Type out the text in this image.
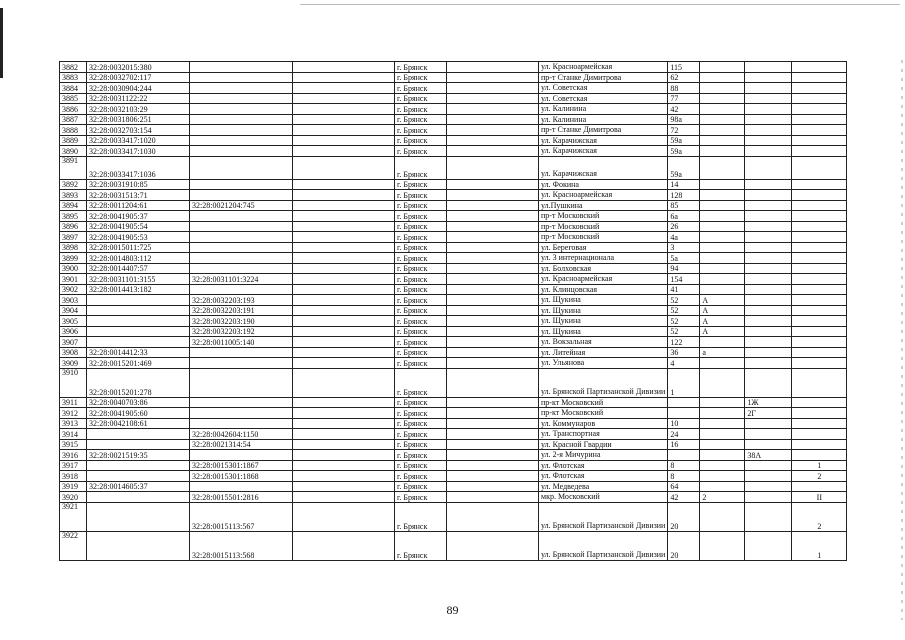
3882	32:28:0032015:380			г. Брянск		ул. Красноармейская	115			
3883	32:28:0032702:117			г. Брянск		пр-т Станке Димитрова	62			
3884	32:28:0030904:244			г. Брянск		ул. Советская	88			
3885	32:28:0031122:22			г. Брянск		ул. Советская	77			
3886	32:28:0032103:29			г. Брянск		ул. Калинина	42			
3887	32:28:0031806:251			г. Брянск		ул. Калинина	98а			
3888	32:28:0032703:154			г. Брянск		пр-т Станке Димитрова	72			
3889	32:28:0033417:1020			г. Брянск		ул. Карачижская	59а			
3890	32:28:0033417:1030			г. Брянск		ул. Карачижская	59а			
3891	32:28:0033417:1036			г. Брянск		ул. Карачижская	59а			
3892	32:28:0031910:85			г. Брянск		ул. Фокина	14			
3893	32:28:0031513:71			г. Брянск		ул. Красноармейская	128			
3894	32:28:0011204:61	32:28:0021204:745		г. Брянск		ул.Пушкина	85			
3895	32:28:0041905:37			г. Брянск		пр-т Московский	6а			
3896	32:28:0041905:54			г. Брянск		пр-т Московский	26			
3897	32:28:0041905:53			г. Брянск		пр-т Московский	4а			
3898	32:28:0015011:725			г. Брянск		ул. Береговая	3			
3899	32:28:0014803:112			г. Брянск		ул. 3 интернационала	5а			
3900	32:28:0014407:57			г. Брянск		ул. Болховская	94			
3901	32:28:0031101:3155	32:28:0031101:3224		г. Брянск		ул. Красноармейская	154			
3902	32:28:0014413:182			г. Брянск		ул. Клинцовская	41			
3903		32:28:0032203:193		г. Брянск		ул. Щукина	52	А		
3904		32:28:0032203:191		г. Брянск		ул. Щукина	52	А		
3905		32:28:0032203:190		г. Брянск		ул. Щукина	52	А		
3906		32:28:0032203:192		г. Брянск		ул. Щукина	52	А		
3907		32:28:0011005:140		г. Брянск		ул. Вокзальная	122			
3908	32:28:0014412:33			г. Брянск		ул. Литейная	36	а		
3909	32:28:0015201:469			г. Брянск		ул. Ульянова	4			
3910	32:28:0015201:278			г. Брянск		ул. Брянской Партизанской Дивизии	1			
3911	32:28:0040703:86			г. Брянск		пр-кт Московский			1Ж	
3912	32:28:0041905:60			г. Брянск		пр-кт Московский			2Г	
3913	32:28:0042108:61			г. Брянск		ул. Коммунаров	10			
3914		32:28:0042604:1150		г. Брянск		ул. Транспортная	24			
3915		32:28:0021314:54		г. Брянск		ул. Красной Гвардии	16			
3916	32:28:0021519:35			г. Брянск		ул. 2-я Мичурина			38А	
3917		32:28:0015301:1867		г. Брянск		ул. Флотская	8			1
3918		32:28:0015301:1868		г. Брянск		ул. Флотская	8			2
3919	32:28:0014605:37			г. Брянск		ул. Медведева	64			
3920		32:28:0015501:2816		г. Брянск		мкр. Московский	42	2		II
3921		32:28:0015113:567		г. Брянск		ул. Брянской Партизанской Дивизии	20			2
3922		32:28:0015113:568		г. Брянск		ул. Брянской Партизанской Дивизии	20			1
89
